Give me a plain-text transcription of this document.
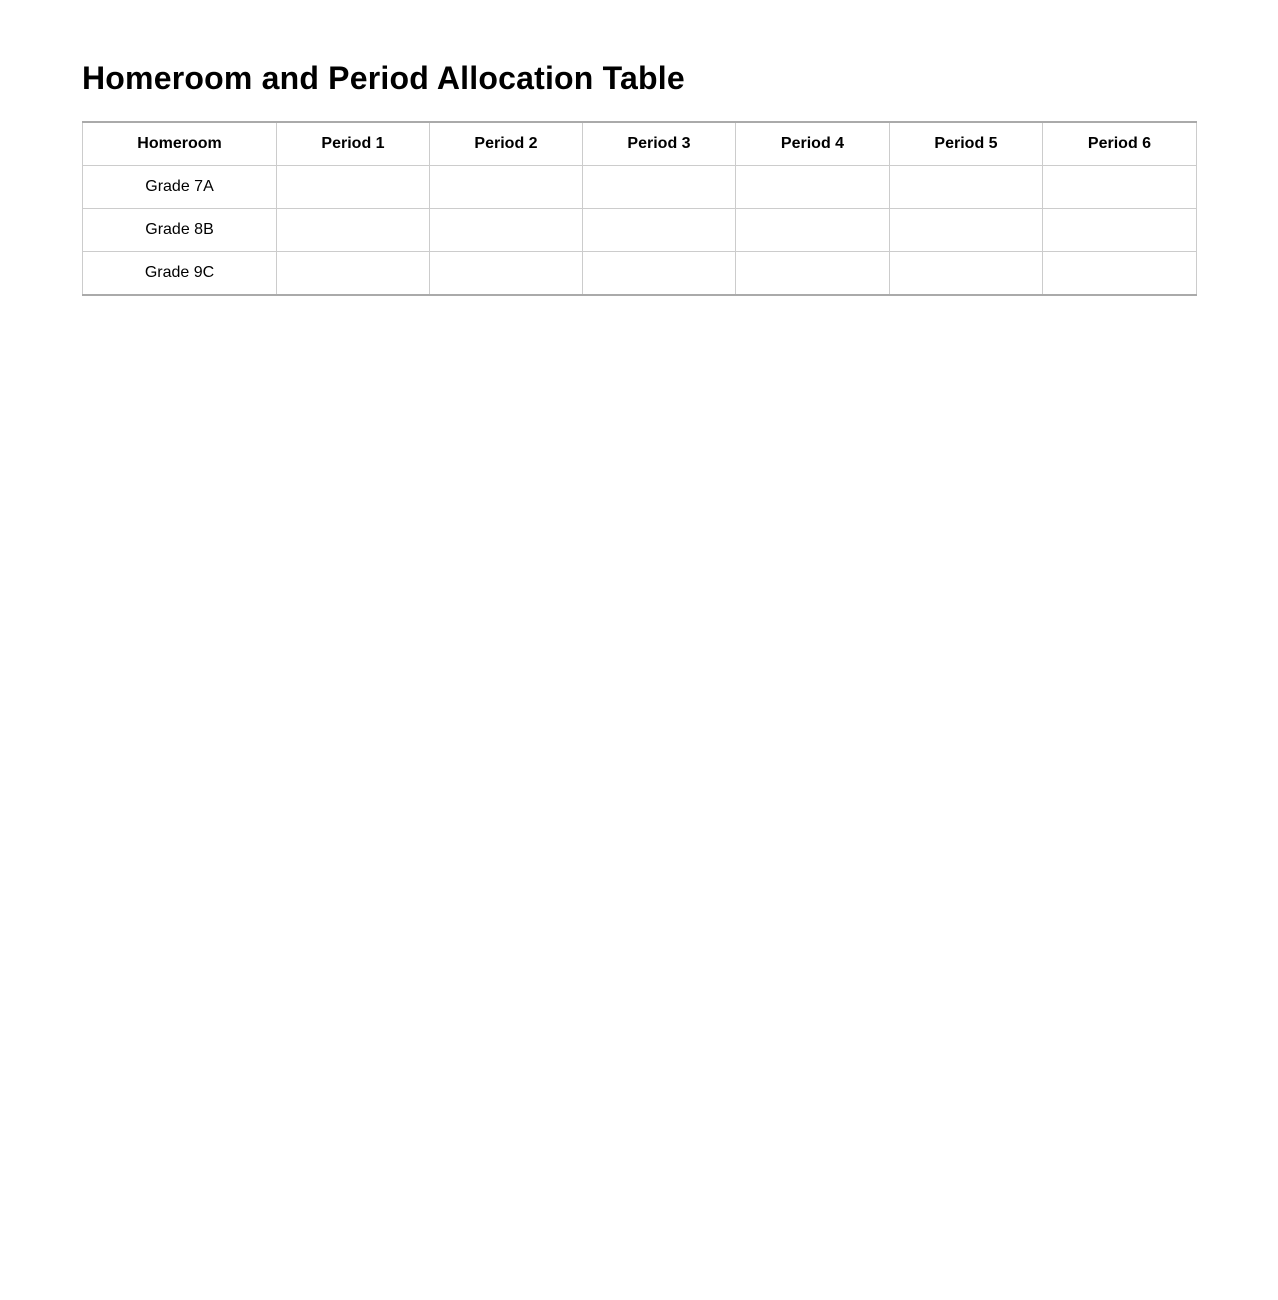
Homeroom and Period Allocation Table
Homeroom	Period 1	Period 2	Period 3	Period 4	Period 5	Period 6
Grade 7A						
Grade 8B						
Grade 9C						
